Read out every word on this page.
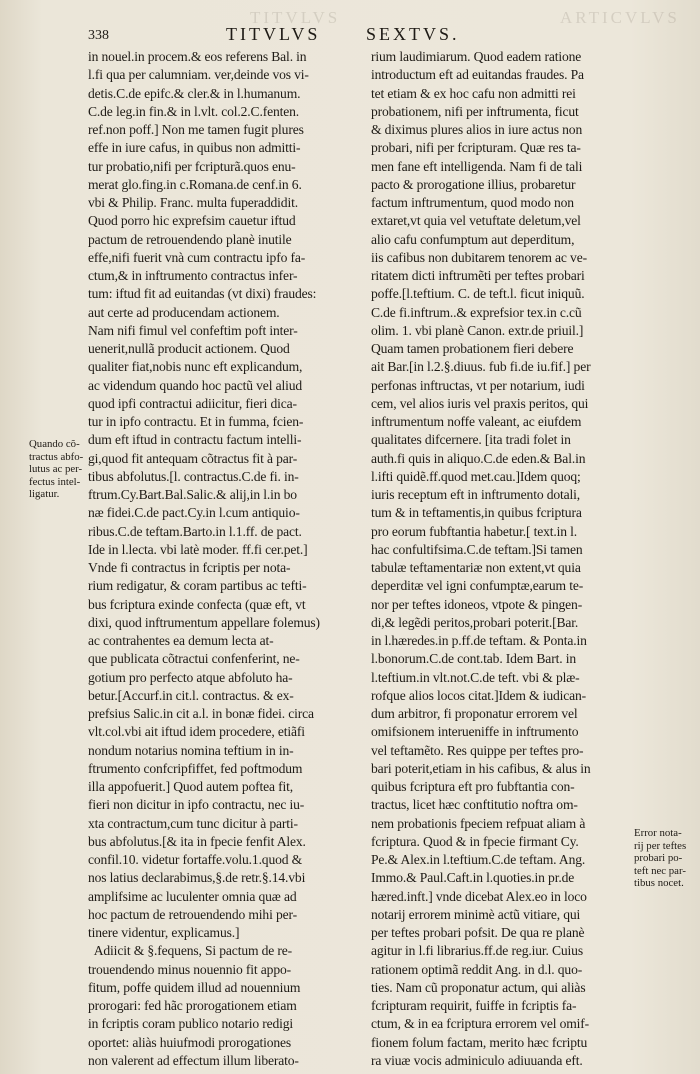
TITVLVS	ARTICVLVS
338	TITVLVS	SEXTVS.
in nouel.in procem.& eos referens Bal. in
l.fi qua per calumniam. ver,deinde vos vi-
detis.C.de epifc.& cler.& in l.humanum.
C.de leg.in fin.& in l.vlt. col.2.C.fenten.
ref.non poff.] Non me tamen fugit plures
effe in iure cafus, in quibus non admitti-
tur probatio,nifi per fcripturã.quos enu-
merat glo.fing.in c.Romana.de cenf.in 6.
vbi & Philip. Franc. multa fuperaddidit.
Quod porro hic exprefsim cauetur iftud
pactum de retrouendendo planè inutile
effe,nifi fuerit vnà cum contractu ipfo fa-
ctum,& in inftrumento contractus infer-
tum: iftud fit ad euitandas (vt dixi) fraudes:
aut certe ad producendam actionem.
Nam nifi fimul vel confeftim poft inter-
uenerit,nullã producit actionem. Quod
qualiter fiat,nobis nunc eft explicandum,
ac videndum quando hoc pactũ vel aliud
quod ipfi contractui adiicitur, fieri dica-
tur in ipfo contractu. Et in fumma, fcien-
dum eft iftud in contractu factum intelli-
gi,quod fit antequam cõtractus fit à par-
tibus abfolutus.[l. contractus.C.de fi. in-
ftrum.Cy.Bart.Bal.Salic.& alij,in l.in bo
næ fidei.C.de pact.Cy.in l.cum antiquio-
ribus.C.de teftam.Barto.in l.1.ff. de pact.
Ide in l.lecta. vbi latè moder. ff.fi cer.pet.]
Vnde fi contractus in fcriptis per nota-
rium redigatur, & coram partibus ac tefti-
bus fcriptura exinde confecta (quæ eft, vt
dixi, quod inftrumentum appellare folemus)
ac contrahentes ea demum lecta at-
que publicata cõtractui confenferint, ne-
gotium pro perfecto atque abfoluto ha-
betur.[Accurf.in cit.l. contractus. & ex-
prefsius Salic.in cit a.l. in bonæ fidei. circa
vlt.col.vbi ait iftud idem procedere, etiãfi
nondum notarius nomina teftium in in-
ftrumento confcripfiffet, fed poftmodum
illa appofuerit.] Quod autem poftea fit,
fieri non dicitur in ipfo contractu, nec iu-
xta contractum,cum tunc dicitur à parti-
bus abfolutus.[& ita in fpecie fenfit Alex.
confil.10. videtur fortaffe.volu.1.quod &
nos latius declarabimus,§.de retr.§.14.vbi
amplifsime ac luculenter omnia quæ ad
hoc pactum de retrouendendo mihi per-
tinere videntur, explicamus.]
Adiicit & §.fequens, Si pactum de re-
trouendendo minus nouennio fit appo-
fitum, poffe quidem illud ad nouennium
prorogari: fed hãc prorogationem etiam
in fcriptis coram publico notario redigi
oportet: aliàs huiufmodi prorogationes
non valerent ad effectum illum liberato-
rium laudimiarum. Quod eadem ratione
introductum eft ad euitandas fraudes. Pa
tet etiam & ex hoc cafu non admitti rei
probationem, nifi per inftrumenta, ficut
& diximus plures alios in iure actus non
probari, nifi per fcripturam. Quæ res ta-
men fane eft intelligenda. Nam fi de tali
pacto & prorogatione illius, probaretur
factum inftrumentum, quod modo non
extaret,vt quia vel vetuftate deletum,vel
alio cafu confumptum aut deperditum,
iis cafibus non dubitarem tenorem ac ve-
ritatem dicti inftrumẽti per teftes probari
poffe.[l.teftium. C. de teft.l. ficut iniquũ.
C.de fi.inftrum..& exprefsior tex.in c.cũ
olim. 1. vbi planè Canon. extr.de priuil.]
Quam tamen probationem fieri debere
ait Bar.[in l.2.§.diuus. fub fi.de iu.fif.] per
perfonas inftructas, vt per notarium, iudi
cem, vel alios iuris vel praxis peritos, qui
inftrumentum noffe valeant, ac eiufdem
qualitates difcernere. [ita tradi folet in
auth.fi quis in aliquo.C.de eden.& Bal.in
l.ifti quidẽ.ff.quod met.cau.]Idem quoq;
iuris receptum eft in inftrumento dotali,
tum & in teftamentis,in quibus fcriptura
pro eorum fubftantia habetur.[ text.in l.
hac confultifsima.C.de teftam.]Si tamen
tabulæ teftamentariæ non extent,vt quia
deperditæ vel igni confumptæ,earum te-
nor per teftes idoneos, vtpote & pingen-
di,& legẽdi peritos,probari poterit.[Bar.
in l.hæredes.in p.ff.de teftam. & Ponta.in
l.bonorum.C.de cont.tab. Idem Bart. in
l.teftium.in vlt.not.C.de teft. vbi & plæ-
rofque alios locos citat.]Idem & iudican-
dum arbitror, fi proponatur errorem vel
omifsionem interueniffe in inftrumento
vel teftamẽto. Res quippe per teftes pro-
bari poterit,etiam in his cafibus, & alus in
quibus fcriptura eft pro fubftantia con-
tractus, licet hæc conftitutio noftra om-
nem probationis fpeciem refpuat aliam à
fcriptura. Quod & in fpecie firmant Cy.
Pe.& Alex.in l.teftium.C.de teftam. Ang.
Immo.& Paul.Caft.in l.quoties.in pr.de
hæred.inft.] vnde dicebat Alex.eo in loco
notarij errorem minimè actũ vitiare, qui
per teftes probari pofsit. De qua re planè
agitur in l.fi librarius.ff.de reg.iur. Cuius
rationem optimã reddit Ang. in d.l. quo-
ties. Nam cũ proponatur actum, qui aliàs
fcripturam requirit, fuiffe in fcriptis fa-
ctum, & in ea fcriptura errorem vel omif-
fionem folum factam, merito hæc fcriptu
ra viuæ vocis adminiculo adiuuanda eft.
Quando cõ-
tractus abfo-
lutus ac per-
fectus intel-
ligatur.
Error nota-
rij per teftes
probari po-
teft nec par-
tibus nocet.
